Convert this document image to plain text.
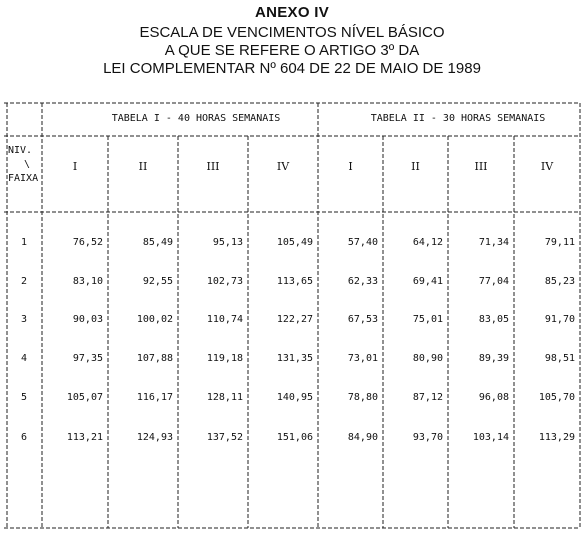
ANEXO IV
ESCALA DE VENCIMENTOS NÍVEL BÁSICO
A QUE SE REFERE O ARTIGO 3º DA
LEI COMPLEMENTAR Nº 604 DE 22 DE MAIO DE 1989
TABELA I - 40 HORAS SEMANAIS	TABELA II - 30 HORAS SEMANAIS
NIV.
\
FAIXA
I	II	III	IV	I	II	III	IV
1	76,52	85,49	95,13	105,49	57,40	64,12	71,34	79,11
2	83,10	92,55	102,73	113,65	62,33	69,41	77,04	85,23
3	90,03	100,02	110,74	122,27	67,53	75,01	83,05	91,70
4	97,35	107,88	119,18	131,35	73,01	80,90	89,39	98,51
5	105,07	116,17	128,11	140,95	78,80	87,12	96,08	105,70
6	113,21	124,93	137,52	151,06	84,90	93,70	103,14	113,29
